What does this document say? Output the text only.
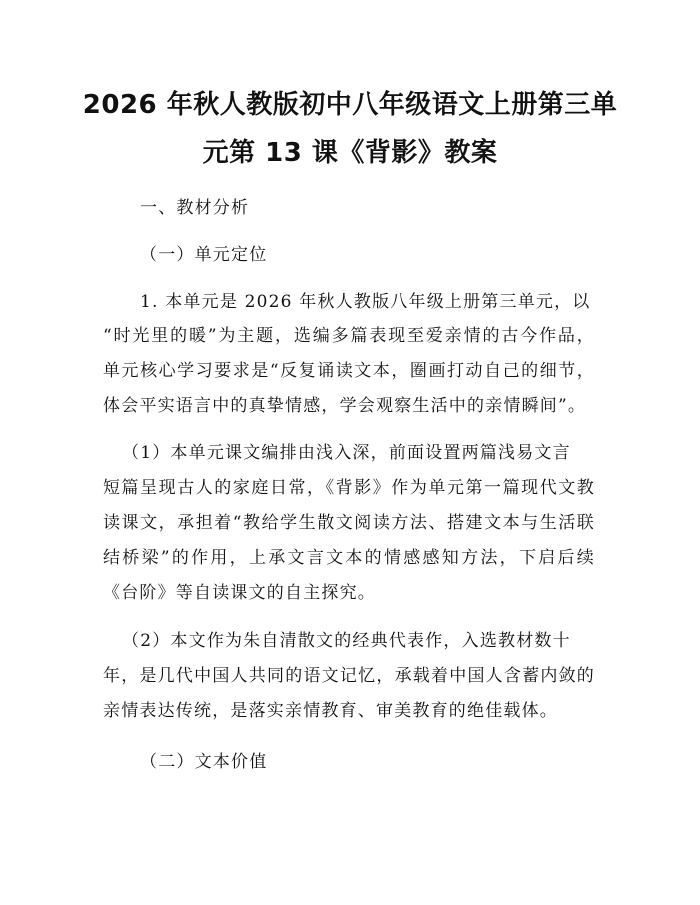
2026 年秋人教版初中八年级语文上册第三单
元第 13 课《背影》教案
一、教材分析
（一）单元定位
1. 本单元是 2026 年秋人教版八年级上册第三单元，以
“时光里的暖”为主题，选编多篇表现至爱亲情的古今作品，
单元核心学习要求是“反复诵读文本，圈画打动自己的细节，
体会平实语言中的真挚情感，学会观察生活中的亲情瞬间”。
（1）本单元课文编排由浅入深，前面设置两篇浅易文言
短篇呈现古人的家庭日常，《背影》作为单元第一篇现代文教
读课文，承担着“教给学生散文阅读方法、搭建文本与生活联
结桥梁”的作用，上承文言文本的情感感知方法，下启后续
《台阶》等自读课文的自主探究。
（2）本文作为朱自清散文的经典代表作，入选教材数十
年，是几代中国人共同的语文记忆，承载着中国人含蓄内敛的
亲情表达传统，是落实亲情教育、审美教育的绝佳载体。
（二）文本价值
